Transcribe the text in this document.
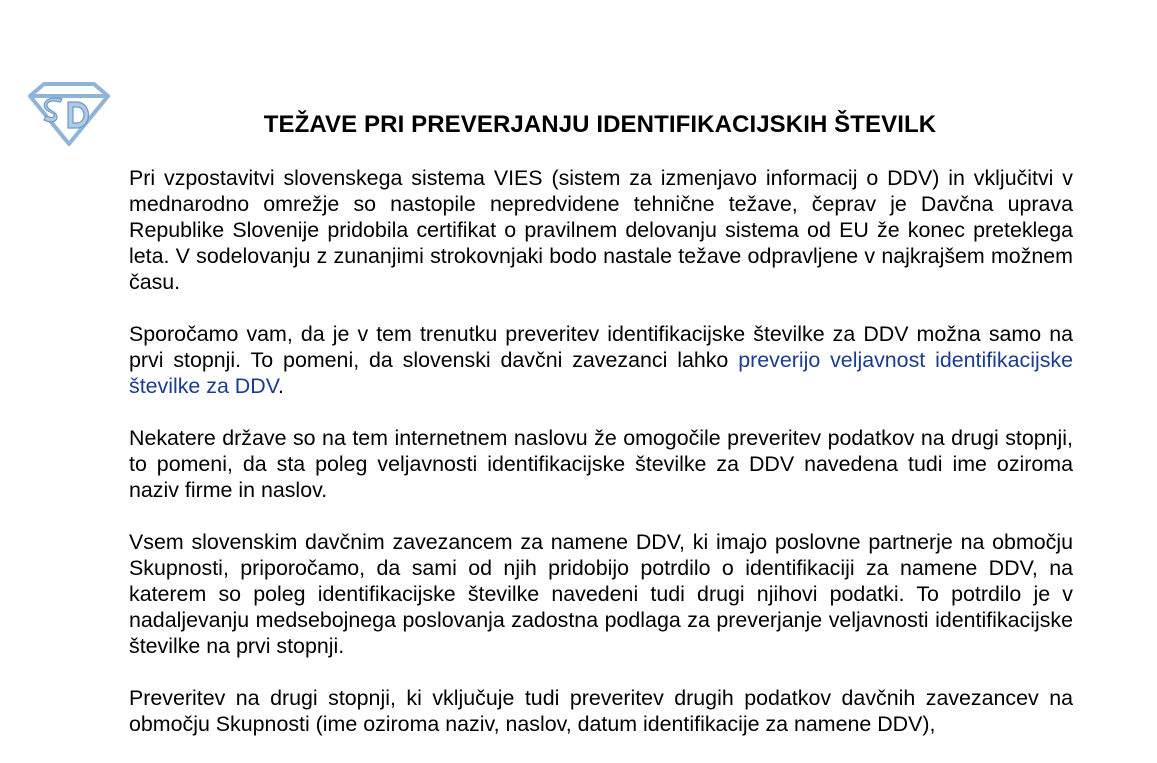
TEŽAVE PRI PREVERJANJU IDENTIFIKACIJSKIH ŠTEVILK

Pri vzpostavitvi slovenskega sistema VIES (sistem za izmenjavo informacij o DDV) in vključitvi v mednarodno omrežje so nastopile nepredvidene tehnične težave, čeprav je Davčna uprava Republike Slovenije pridobila certifikat o pravilnem delovanju sistema od EU že konec preteklega leta. V sodelovanju z zunanjimi strokovnjaki bodo nastale težave odpravljene v najkrajšem možnem času.

Sporočamo vam, da je v tem trenutku preveritev identifikacijske številke za DDV možna samo na prvi stopnji. To pomeni, da slovenski davčni zavezanci lahko preverijo veljavnost identifikacijske številke za DDV.

Nekatere države so na tem internetnem naslovu že omogočile preveritev podatkov na drugi stopnji, to pomeni, da sta poleg veljavnosti identifikacijske številke za DDV navedena tudi ime oziroma naziv firme in naslov.

Vsem slovenskim davčnim zavezancem za namene DDV, ki imajo poslovne partnerje na območju Skupnosti, priporočamo, da sami od njih pridobijo potrdilo o identifikaciji za namene DDV, na katerem so poleg identifikacijske številke navedeni tudi drugi njihovi podatki. To potrdilo je v nadaljevanju medsebojnega poslovanja zadostna podlaga za preverjanje veljavnosti identifikacijske številke na prvi stopnji.

Preveritev na drugi stopnji, ki vključuje tudi preveritev drugih podatkov davčnih zavezancev na območju Skupnosti (ime oziroma naziv, naslov, datum identifikacije za namene DDV),
